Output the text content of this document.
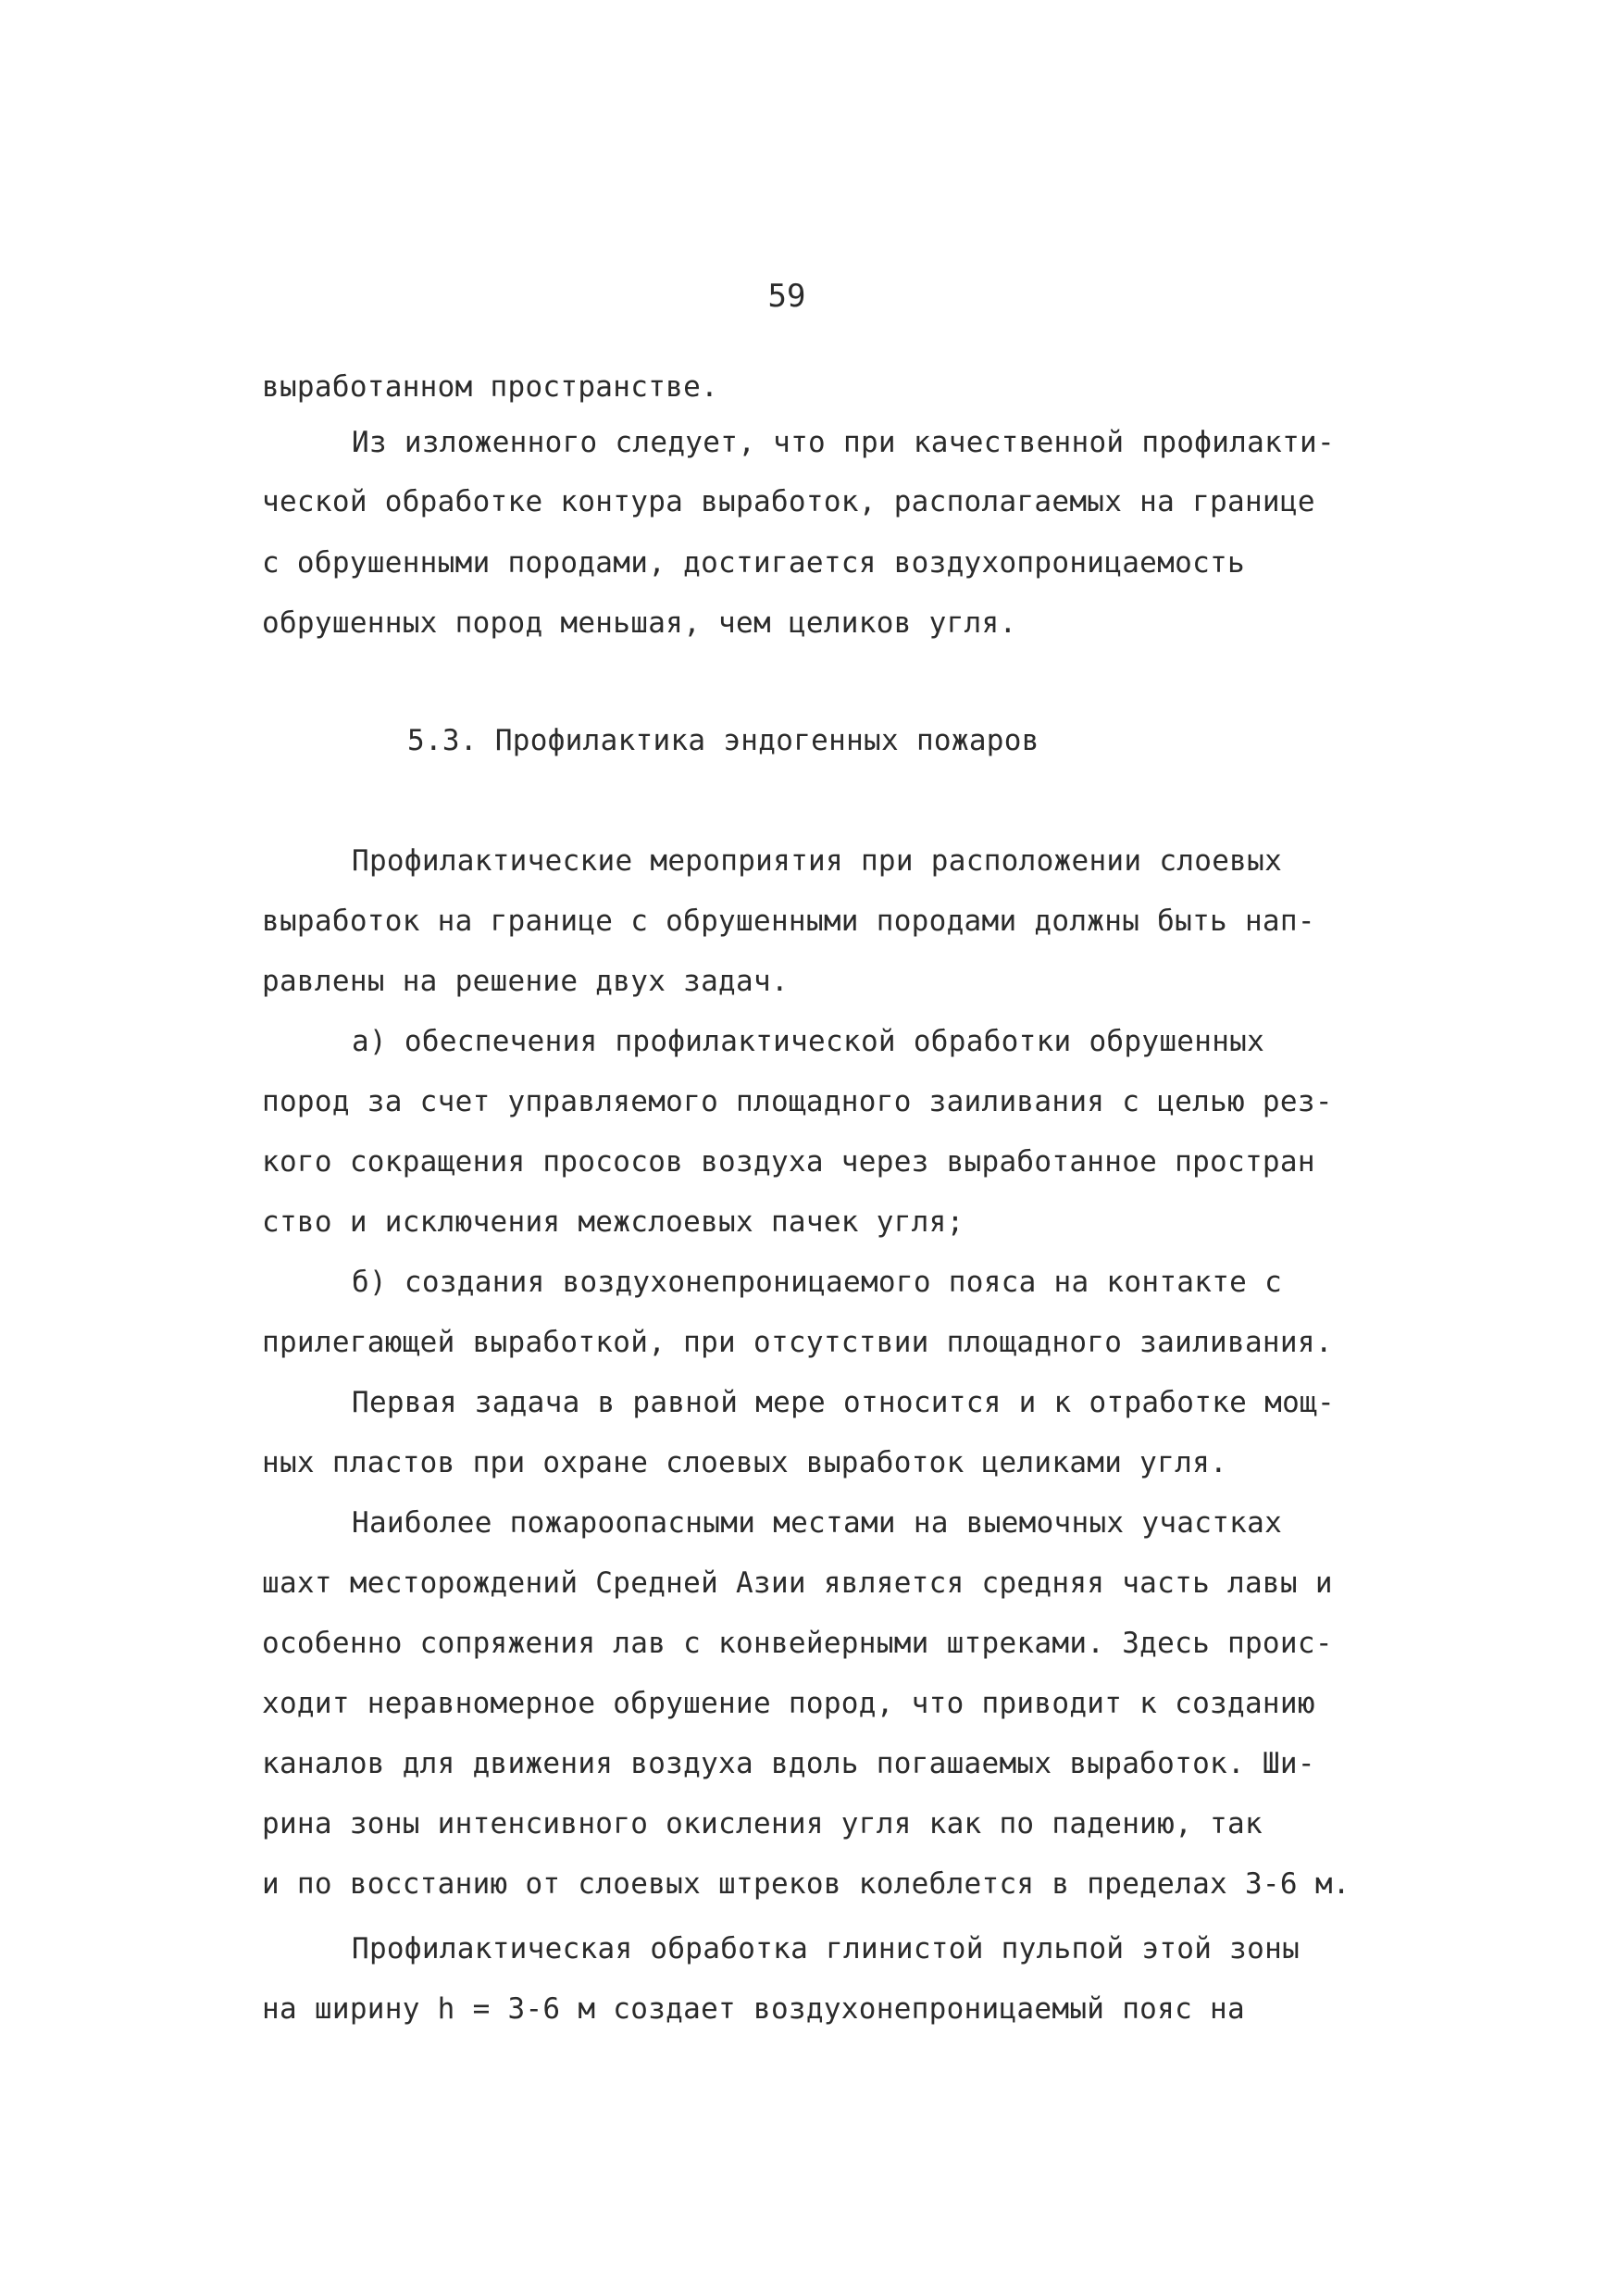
59
выработанном пространстве.
Из изложенного следует, что при качественной профилакти-
ческой обработке контура выработок, располагаемых на границе
с обрушенными породами, достигается воздухопроницаемость
обрушенных пород меньшая, чем целиков угля.
5.3. Профилактика эндогенных пожаров
Профилактические мероприятия при расположении слоевых
выработок на границе с обрушенными породами должны быть нап-
равлены на решение двух задач.
а) обеспечения профилактической обработки обрушенных
пород за счет управляемого площадного заиливания с целью рез-
кого сокращения прососов воздуха через выработанное простран
ство и исключения межслоевых пачек угля;
б) создания воздухонепроницаемого пояса на контакте с
прилегающей выработкой, при отсутствии площадного заиливания.
Первая задача в равной мере относится и к отработке мощ-
ных пластов при охране слоевых выработок целиками угля.
Наиболее пожароопасными местами на выемочных участках
шахт месторождений Средней Азии является средняя часть лавы и
особенно сопряжения лав с конвейерными штреками. Здесь проис-
ходит неравномерное обрушение пород, что приводит к созданию
каналов для движения воздуха вдоль погашаемых выработок. Ши-
рина зоны интенсивного окисления угля как по падению, так
и по восстанию от слоевых штреков колеблется в пределах 3-6 м.
Профилактическая обработка глинистой пульпой этой зоны
на ширину h = 3-6 м создает воздухонепроницаемый пояс на
